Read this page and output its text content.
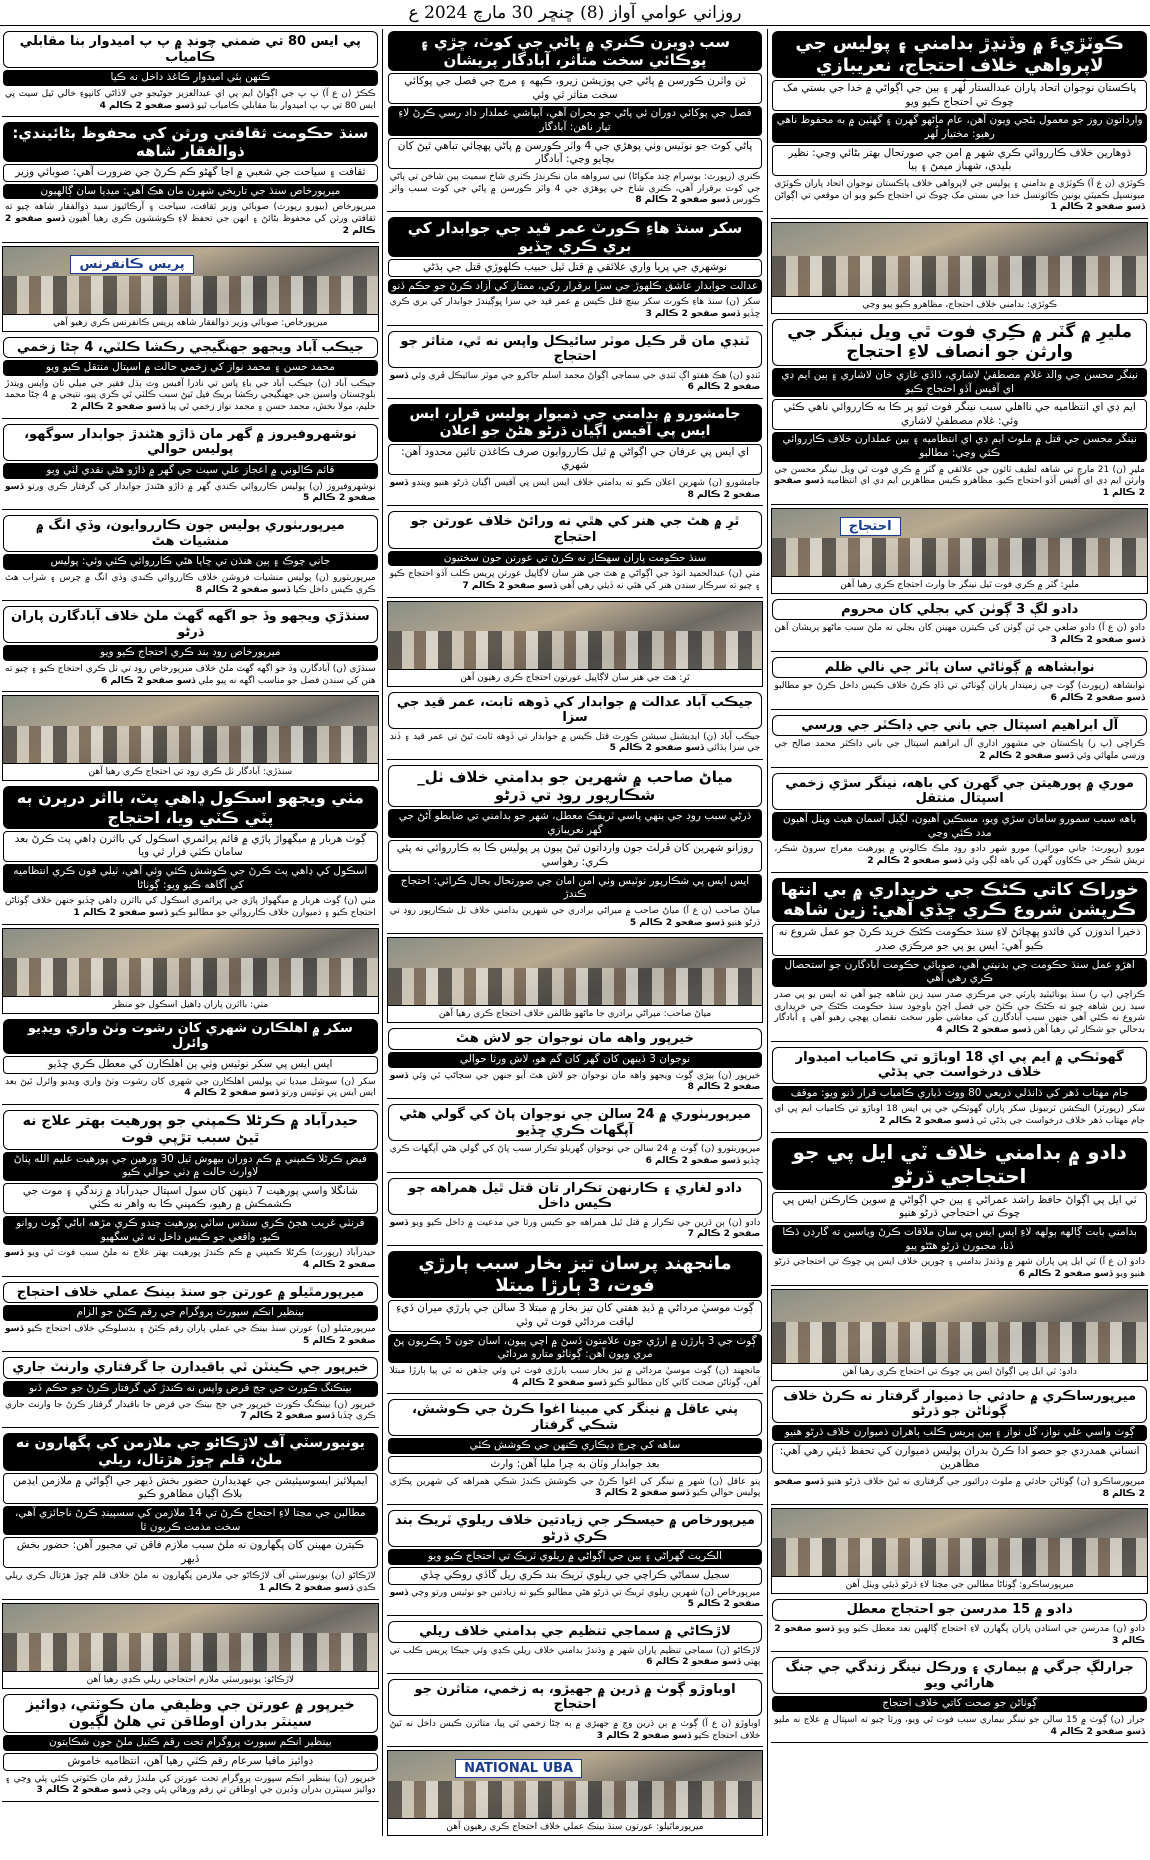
روزاني عوامي آواز (8) ڇنڇر 30 مارچ 2024 ع
ڪوٽڙيءَ ۾ وڏنڍڙ بدامني ۽ پوليس جي لاپرواهي خلاف احتجاج، نعريبازي
پاڪستان نوجوان اتحاد پاران عبدالستار لُهر ۽ ٻين جي اڳواڻي ۾ خدا جي بستي مک چوڪ تي احتجاج ڪيو ويو
وارداتون روز جو معمول بڻجي ويون آهن، عام ماڻهو گهرن ۽ گهٽين ۾ به محفوظ ناهي رهيو: مختيار لُهر
ڌوهارين خلاف ڪارروائي ڪري شهر ۾ امن جي صورتحال بهتر بڻائي وڃي: نظير بليدي، شهباز ميمڻ ۽ ٻيا
ڪوٽڙي (ن ع آ) ڪوٽڙي ۾ بدامني ۽ پوليس جي لاپرواهي خلاف پاڪستان نوجوان اتحاد پاران ڪوٽڙي ميونسپل ڪميٽي يونين ڪائونسل خدا جي بستي مک چوڪ تي احتجاج ڪيو ويو ان موقعي تي اڳواڻن ڏسو صفحو 2 ڪالم 1
ڪوٽڙي: بدامني خلاف احتجاج، مظاهرو ڪيو پيو وڃي
مليرِ ۾ گٽر ۾ ڪِري فوت ٿي ويل نينگر جي وارثن جو انصاف لاءِ احتجاج
نينگر محسن جي والد غلام مصطفيٰ لاشاري، ڏاڏي غازي خان لاشاري ۽ ٻين ايم ڊي اي آفيس آڏو احتجاج ڪيو
ايم ڊي اي انتظاميه جي نااهلي سبب نينگر فوت ٿيو پر ڪا به ڪارروائي ناهي ڪئي وئي: غلام مصطفيٰ لاشاري
نينگر محسن جي قتل ۾ ملوث ايم ڊي اي انتظاميه ۽ ٻين عملدارن خلاف ڪارروائي ڪئي وڃي: مطالبو
مليرِ (ن) 21 مارچ تي شاهه لطيف ٽائون جي علائقي ۾ گٽر ۾ ڪري فوت ٿي ويل نينگر محسن جي وارثن ايم ڊي اي آفيس آڏو احتجاج ڪيو. مظاهرو ڪيس مظاهرين ايم ڊي اي انتظاميه ڏسو صفحو 2 ڪالم 1
احتجاج
مليرِ: گٽر ۾ ڪري فوت ٿيل نينگر جا وارث احتجاج ڪري رهيا آهن
دادو لڳ 3 ڳوٺن کي بجلي کان محروم
دادو (ن ع آ) دادو ضلعي جي ٽن ڳوٺن کي ڪيترن مهينن کان بجلي نه ملڻ سبب ماڻهو پريشان آهن ڏسو صفحو 2 ڪالم 3
نوابشاهه ۾ ڳوٺاڻي سان ٻاٽر جي نالي ظلم
نوابشاهه (رپورٽ) ڳوٺ جي زميندار پاران ڳوٺاڻي تي ڏاڍ ڪرڻ خلاف ڪيس داخل ڪرڻ جو مطالبو ڏسو صفحو 2 ڪالم 6
آل ابراهيم اسپتال جي باني جي ڊاڪٽر جي ورسي
ڪراچي (پ ر) پاڪستان جي مشهور اداري آل ابراهيم اسپتال جي باني ڊاڪٽر محمد صالح جي ورسي ملهائي وئي ڏسو صفحو 2 ڪالم 2
موري ۾ پورهيتن جي گهرن کي باهه، نينگر سڙي زخمي اسپتال منتقل
باهه سبب سمورو سامان سڙي ويو، مسڪين آهيون، لڳيل آسمان هيٺ ويٺل آهيون مدد ڪئي وڃي
مورو (رپورٽ: جاني مورائي) مورو شهر دادو روڊ ملڪ ڪالوني ۾ پورهيت معراج سروڻ شڪر، نريش شڪر جي ڪکاون گهرن کي باهه لڳي وئي ڏسو صفحو 2 ڪالم 2
خوراڪ کاتي ڪڻڪ جي خريداري ۾ بي انتها ڪرپشن شروع ڪري ڇڏي آهي: زين شاهه
ذخيرا اندوزن کي فائدو پهچائڻ لاءِ سنڌ حڪومت ڪڻڪ خريد ڪرڻ جو عمل شروع نه ڪيو آهي: ايس يو پي جو مرڪزي صدر
اهڙو عمل سنڌ حڪومت جي بدنيتي آهي، صوبائي حڪومت آبادگارن جو استحصال ڪري رهي آهي
ڪراچي (پ ر) سنڌ يونائيٽيڊ پارٽي جي مرڪزي صدر سيد زين شاهه چيو آهي ته ايس يو پي صدر سيد زين شاهه چيو ته ڪڻڪ جي ڪٽڻ جي فصل اچڻ باوجود سنڌ حڪومت ڪڻڪ جي خريداري شروع نه ڪئي آهي جنهن سبب آبادگارن کي معاشي طور سخت نقصان پهچي رهيو آهي ۽ آبادگار بدحالي جو شڪار ٿي رهيا آهن ڏسو صفحو 2 ڪالم 4
گهوٽڪي ۾ ايم پي اي 18 اوباڙو تي ڪامياب اميدوار خلاف درخواست جي ٻڌڻي
جام مهتاب ڏهر کي ڌانڌلي ذريعي 80 ووٽ ڏياري ڪامياب قرار ڏنو ويو: موقف
سکر (رپورٽر) اليڪشن ٽربيونل سکر پاران گهوٽڪي جي پي ايس 18 اوباڙو تي ڪامياب ايم پي اي جام مهتاب ڏهر خلاف درخواست جي ٻڌڻي ٿي ڏسو صفحو 2 ڪالم 2
دادو ۾ بدامني خلاف ٽي ايل پي جو احتجاجي ڌرڻو
ٽي ايل پي اڳواڻ حافظ راشد عمراڻي ۽ ٻين جي اڳواڻي ۾ سوين ڪارڪنن ايس پي چوڪ تي احتجاجي ڌرڻو هنيو
بدامني بابت ڳالهه ٻولهه لاءِ ايس ايس پي سان ملاقات ڪرڻ وياسين ته گارڊن ڌڪا ڏنا، مجبورن ڌرڻو هڻڻو پيو
دادو (ن ع آ) ٽي ايل پي پاران شهر ۾ وڌندڙ بدامني ۽ چورين خلاف ايس پي چوڪ تي احتجاجي ڌرڻو هنيو ويو ڏسو صفحو 2 ڪالم 6
دادو: ٽي ايل پي اڳواڻ ايس پي چوڪ تي احتجاج ڪري رهيا آهن
ميرپورساڪري ۾ حادثي جا ذميوار گرفتار نه ڪرڻ خلاف ڳوٺاڻن جو ڌرڻو
ڳوٺ واسي علي نواز، گل نواز ۽ ٻين پريس ڪلب ٻاهران ذميوارن خلاف ڌرڻو هنيو
انساني همدردي جو حصو ادا ڪرڻ بدران پوليس ذميوارن کي تحفظ ڏيئي رهي آهي: مظاهرين
ميرپورساڪرو (ن) ڳوٺاڻن حادثي ۾ ملوث ڊرائيور جي گرفتاري نه ٿيڻ خلاف ڌرڻو هنيو ڏسو صفحو 2 ڪالم 8
ميرپورساڪرو: ڳوٺاڻا مطالبن جي مڃتا لاءِ ڌرڻو ڏيئي ويٺل آهن
دادو ۾ 15 مدرسن جو احتجاج معطل
دادو (ن) مدرسن جي استادن پاران پگهارن لاءِ احتجاج ڳالهين بعد معطل ڪيو ويو ڏسو صفحو 2 ڪالم 3
جرارلڳ جرگي ۾ بيماري ۽ ورڪل نينگر زندگي جي جنگ هارائي ويو
ڳوٺاڻن جو صحت کاتي خلاف احتجاج
جرار (ن) ڳوٺ ۾ 15 سالن جو نينگر بيماري سبب فوت ٿي ويو، ورثا چيو ته اسپتال ۾ علاج نه مليو ڏسو صفحو 2 ڪالم 4
سب ڊويزن ڪنري ۾ پاڻي جي کوٽ، ڇڙي ۽ پوڪائي سخت متاثر، آبادگار پريشان
ٽن واٽرن ڪورسن ۾ پاڻي جي پوزيشن زيرو، ڪپهه ۽ مرچ جي فصل جي پوکائي سخت متاثر ٿي وئي
فصل جي پوکائي دوران ئي پاڻي جو بحران آهي، آبپاشي عملدار داد رسي ڪرڻ لاءِ تيار ناهن: آبادگار
پاڻي کوٽ جو نوٽيس وٺي پوهڙي جي 4 واٽر ڪورسن ۾ پاڻي پهچائي تباهي ٿيڻ کان بچايو وڃي: آبادگار
ڪنري (رپورٽ: بوسرام چند مکواڻا) نبي سرواهه مان نڪرندڙ ڪنري شاخ سميت ٻين شاخن تي پاڻي جي کوٽ برقرار آهي، ڪنري شاخ جي پوهڙي جي 4 واٽر ڪورسن ۾ پاڻي جي کوٽ سبب واٽر ڪورس ڏسو صفحو 2 ڪالم 8
سکر سنڌ هاءِ ڪورٽ عمر قيد جي جوابدار کي بري ڪري ڇڏيو
نوشهري جي پريا واري علائقي ۾ قتل ٿيل حبيب ڪلهوڙي قتل جي ٻڌڻي
عدالت جوابدار عاشق ڪلهوڙ جي سزا برقرار رکي، ممتاز کي آزاد ڪرڻ جو حڪم ڏنو
سکر (ن) سنڌ هاءِ ڪورٽ سکر بينچ قتل ڪيس ۾ عمر قيد جي سزا ڀوڳيندڙ جوابدار کي بري ڪري ڇڏيو ڏسو صفحو 2 ڪالم 3
ٽنڊي مان ڦر ڪيل موٽر سائيڪل واپس نه ٿي، متاثر جو احتجاج
ٽنڊو (ن) هڪ هفتو اڳ ٽنڊي جي سماجي اڳواڻ محمد اسلم جاکرو جي موٽر سائيڪل ڦري وئي ڏسو صفحو 2 ڪالم 6
جامشورو ۾ بدامني جي ذميوار پوليس قرار، ايس ايس پي آفيس اڳيان ڌرڻو هڻڻ جو اعلان
اي ايس پي عرفان جي اڳواڻي ۾ ٿيل ڪارروايون صرف ڪاغذن تائين محدود آهن: شهري
جامشورو (ن) شهرين اعلان ڪيو ته بدامني خلاف ايس ايس پي آفيس اڳيان ڌرڻو هنيو ويندو ڏسو صفحو 2 ڪالم 8
ٿرِ ۾ هٿ جي هنر کي هٿي نه ورائڻ خلاف عورتن جو احتجاج
سنڌ حڪومت پاران سهڪار نه ڪرڻ تي عورتن جون سختيون
مٺي (ن) عبدالحميد اٺوڌ جي اڳواڻي ۾ هٿ جي هنر سان لاڳاپيل عورتن پريس ڪلب آڏو احتجاج ڪيو ۽ چيو ته سرڪار سندن هنر کي هٿي نه ڏيئي رهي آهي ڏسو صفحو 2 ڪالم 7
ٿرِ: هٿ جي هنر سان لاڳاپيل عورتون احتجاج ڪري رهيون آهن
جيڪب آباد عدالت ۾ جوابدار کي ڏوهه ثابت، عمر قيد جي سزا
جيڪب آباد (ن) ايڊيشنل سيشن ڪورٽ قتل ڪيس ۾ جوابدار تي ڏوهه ثابت ٿيڻ تي عمر قيد ۽ ڏنڊ جي سزا ٻڌائي ڏسو صفحو 2 ڪالم 5
مياڻ صاحب ۾ شهرين جو بدامني خلاف ٺل_ شڪارپور روڊ تي ڌرڻو
ڌرڻي سبب روڊ جي ٻنهي پاسي ٽريفڪ معطل، شهر جو بدامني تي ضابطو آڻڻ جي گهر نعريبازي
روزانو شهرين کان ڦرلٽ جون وارداتون ٿيڻ پيون پر پوليس ڪا به ڪارروائي نه پئي ڪري: رهواسي
ايس ايس پي شڪارپور نوٽيس وٺي امن امان جي صورتحال بحال ڪرائي: احتجاج ڪندڙ
مياڻ صاحب (ن ع آ) مياڻ صاحب ۾ ميراڻي برادري جي شهرين بدامني خلاف ٺل شڪارپور روڊ تي ڌرڻو هنيو ڏسو صفحو 2 ڪالم 5
مياڻ صاحب: ميراڻي برادري جا ماڻهو ظالمن خلاف احتجاج ڪري رهيا آهن
خيرپور واهه مان نوجوان جو لاش هٿ
نوجوان 3 ڏينهن کان گهر کان گم هو، لاش ورثا حوالي
خيرپور (ن) ٻيڙي ڳوٺ ويجهو واهه مان نوجوان جو لاش هٿ آيو جنهن جي سڃاڻپ ٿي وئي ڏسو صفحو 2 ڪالم 8
ميرپوربٺوري ۾ 24 سالن جي نوجوان پاڻ کي گولي هڻي آپگهات ڪري ڇڏيو
ميرپوربٺورو (ن) ڳوٺ ۾ 24 سالن جي نوجوان گهريلو تڪرار سبب پاڻ کي گولي هڻي آپگهات ڪري ڇڏيو ڏسو صفحو 2 ڪالم 6
دادو لغاري ۽ ڪارنهن تڪرار تان قتل ٿيل همراهه جو ڪيس داخل
دادو (ن) ٻن ڌرين جي تڪرار ۾ قتل ٿيل همراهه جو ڪيس ورثا جي مدعيت ۾ داخل ڪيو ويو ڏسو صفحو 2 ڪالم 7
مانجهند پرسان تيز بخار سبب ٻارڙي فوت، 3 ٻارڙا مبتلا
ڳوٺ موسيٰ مرداڻي ۾ ڏيڍ هفتي کان تيز بخار ۾ مبتلا 3 سالن جي ٻارڙي ميران ڏيءِ لياقت مرداڻي فوت ٿي وئي
ڳوٺ جي 3 ٻارڙن ۾ ارڙي جون علامتون ڏسڻ ۾ اچي پيون، اسان جون 5 ٻڪريون پڻ مري ويون آهن: ڳوٺاڻو متارو مرداڻي
مانجهند (ن) ڳوٺ موسيٰ مرداڻي ۾ تيز بخار سبب ٻارڙي فوت ٿي وئي جڏهن ته ٽي ٻيا ٻارڙا مبتلا آهن، ڳوٺاڻن صحت کاتي کان مطالبو ڪيو ڏسو صفحو 2 ڪالم 4
پني عاقل ۾ نينگر کي مبينا اغوا ڪرڻ جي ڪوشش، شڪي گرفتار
ساهه کي چرچ ڊيڪاري ڪنهن جي ڪوشش ڪئي
بعد جوابدار وٽان به چرا مليا آهن: وارث
پنو عاقل (ن) شهر ۾ نينگر کي اغوا ڪرڻ جي ڪوشش ڪندڙ شڪي همراهه کي شهرين پڪڙي پوليس حوالي ڪيو ڏسو صفحو 2 ڪالم 3
ميرپورخاص ۾ حيسڪر جي زيادتين خلاف ريلوي ٽريڪ بند ڪري ڌرڻو
الڪريت گهراڻي ۽ ٻين جي اڳواڻي ۾ ريلوي ٽريڪ تي احتجاج ڪيو ويو
سجيل سماڻي ڪراچي جي ريلوي ٽريڪ بند ڪري ريل گاڏي روڪي ڇڏي
ميرپورخاص (ن) شهرين ريلوي ٽريڪ تي ڌرڻو هڻي مطالبو ڪيو ته زيادتين جو نوٽيس ورتو وڃي ڏسو صفحو 2 ڪالم 5
لاڙڪاڻي ۾ سماجي تنظيم جي بدامني خلاف ريلي
لاڙڪاڻو (ن) سماجي تنظيم پاران شهر ۾ وڌندڙ بدامني خلاف ريلي ڪڍي وئي جيڪا پريس ڪلب تي پهتي ڏسو صفحو 2 ڪالم 6
اوباوڙو ڳوٺ ۾ ڌرين ۾ جهيڙو، ٻه زخمي، متاثرن جو احتجاج
اوباوڙو (ن ع آ) ڳوٺ ۾ ٻن ڌرين وچ ۾ جهيڙي ۾ ٻه ڄڻا زخمي ٿي پيا، متاثرن ڪيس داخل نه ٿيڻ خلاف احتجاج ڪيو ڏسو صفحو 2 ڪالم 3
NATIONAL UBA
ميرپورماٿيلو: عورتون سنڌ بينڪ عملي خلاف احتجاج ڪري رهيون آهن
پي ايس 80 تي ضمني چونڊ ۾ پ پ اميدوار بنا مقابلي ڪامياب
ڪنهن ٻئي اميدوار ڪاغذ داخل نه ڪيا
ڪڪڙ (ن ع آ) پ پ جي اڳواڻ ايم پي اي عبدالعزيز جوڻيجو جي لاڏاڻي کانپوءِ خالي ٿيل سيٽ پي ايس 80 تي پ پ اميدوار بنا مقابلي ڪامياب ٿيو ڏسو صفحو 2 ڪالم 4
سنڌ حڪومت ثقافتي ورثن کي محفوظ بڻائيندي: ذوالفقار شاهه
ثقافت ۽ سياحت جي شعبي ۾ اڃا گهڻو ڪم ڪرڻ جي ضرورت آهي: صوبائي وزير
ميرپورخاص سنڌ جي تاريخي شهرن مان هڪ آهي: ميڊيا سان ڳالهيون
ميرپورخاص (بيورو رپورٽ) صوبائي وزير ثقافت، سياحت ۽ آرڪائيوز سيد ذوالفقار شاهه چيو ته ثقافتي ورثن کي محفوظ بڻائڻ ۽ انهن جي تحفظ لاءِ ڪوششون ڪري رهيا آهيون ڏسو صفحو 2 ڪالم 2
پريس ڪانفرنس
ميرپورخاص: صوبائي وزير ذوالفقار شاهه پريس ڪانفرنس ڪري رهيو آهي
جيڪب آباد ويجهو جهنگيجي رڪشا ڪلٽي، 4 ڄڻا زخمي
محمد حسن ۽ محمد نواز کي زخمي حالت ۾ اسپتال منتقل ڪيو ويو
جيڪب آباد (ن) جيڪب آباد جي باءِ پاس تي نادرا آفيس وٽ ٻڌل فقير جي ميلي تان واپس ويندڙ بلوچستان واسين جي جهنگيجي رڪشا بريڪ فيل ٿيڻ سبب ڪلٽي ٿي ڪري پيو، نتيجي ۾ 4 ڄڻا محمد حليم، مولا بخش، محمد حسن ۽ محمد نواز زخمي ٿي پيا ڏسو صفحو 2 ڪالم 2
نوشهروفيروز ۾ گهر مان ڌاڙو هڻندڙ جوابدار سوگهو، پوليس حوالي
قائم ڪالوني ۾ اعجاز علي سيٺ جي گهر ۾ ڌاڙو هڻي نقدي لٽي ويو
نوشهروفيروز (ن) پوليس ڪارروائي ڪندي گهر ۾ ڌاڙو هڻندڙ جوابدار کي گرفتار ڪري ورتو ڏسو صفحو 2 ڪالم 5
ميرپوربٺوري پوليس جون ڪارروايون، وڏي انگ ۾ منشيات هٿ
جاني چوڪ ۽ ٻين هنڌن تي ڇاپا هڻي ڪارروائي ڪئي وئي: پوليس
ميرپوربٺورو (ن) پوليس منشيات فروشن خلاف ڪارروائي ڪندي وڏي انگ ۾ چرس ۽ شراب هٿ ڪري ڪيس داخل ڪيا ڏسو صفحو 2 ڪالم 8
سنڌڙي ويجهو وڏ جو اگهه گهٽ ملڻ خلاف آبادگارن پاران ڌرڻو
ميرپورخاص روڊ بند ڪري احتجاج ڪيو ويو
سنڌڙي (ن) آبادگارن وڏ جو اگهه گهٽ ملڻ خلاف ميرپورخاص روڊ تي ٺل ڪري احتجاج ڪيو ۽ چيو ته هنن کي سندن فصل جو مناسب اگهه نه پيو ملي ڏسو صفحو 2 ڪالم 6
سنڌڙي: آبادگار ٺل ڪري روڊ تي احتجاج ڪري رهيا آهن
مٺي ويجهو اسڪول ڍاهي پٽ، بااثر درٻرن ٻه پٽي ڪٽي ويا، احتجاج
ڳوٺ هربار ۾ ميگهواڙ پاڙي ۾ قائم پرائمري اسڪول کي بااثرن ڍاهي پٽ ڪرڻ بعد سامان ڪٽي فرار ٿي ويا
اسڪول کي ڍاهي پٽ ڪرڻ جي ڪوشش ڪئي وئي آهي، ٽيلي فون ڪري انتظاميه کي آگاهه ڪيو ويو: ڳوٺاڻا
مٺي (ن) ڳوٺ هربار ۾ ميگهواڙ پاڙي جي پرائمري اسڪول کي بااثرن ڍاهي ڇڏيو جنهن خلاف ڳوٺاڻن احتجاج ڪيو ۽ ذميوارن خلاف ڪارروائي جو مطالبو ڪيو ڏسو صفحو 2 ڪالم 1
مٺي: بااثرن پاران ڍاهيل اسڪول جو منظر
سکر ۾ اهلڪارن شهري کان رشوت وٺڻ واري ويڊيو وائرل
ايس ايس پي سکر نوٽيس وٺي ٻن اهلڪارن کي معطل ڪري ڇڏيو
سکر (ن) سوشل ميڊيا تي پوليس اهلڪارن جي شهري کان رشوت وٺڻ واري ويڊيو وائرل ٿيڻ بعد ايس ايس پي نوٽيس ورتو ڏسو صفحو 2 ڪالم 4
حيدرآباد ۾ ڪرڻلا ڪمپني جو پورهيت بهتر علاج نه ٿيڻ سبب تڙپي فوت
فيض ڪرڻلا ڪمپني ۾ ڪم دوران بيهوش ٿيل 30 ورهين جي پورهيت عليم الله پٺاڻ لاوارث حالت ۾ ڊٺي حوالي ڪيو
شانگلا واسي پورهيت 7 ڏينهن کان سول اسپتال حيدرآباد ۾ زندگي ۽ موت جي ڪشمڪش ۾ رهيو، ڪمپني ڪا به واهر نه ڪئي
فرنٽي غريب هجڻ ڪري سنڌس سائي پورهيت چندو ڪري مڙهه اباڻي ڳوٺ روانو ڪيو، واقعي جو ڪيس داخل نه ٿي سگهيو
حيدرآباد (رپورٽ) ڪرڻلا ڪمپني ۾ ڪم ڪندڙ پورهيت بهتر علاج نه ملڻ سبب فوت ٿي ويو ڏسو صفحو 2 ڪالم 4
ميرپورمٿيلو ۾ عورتن جو سنڌ بينڪ عملي خلاف احتجاج
بينظير انڪم سپورٽ پروگرام جي رقم ڪٽڻ جو الزام
ميرپورمٿيلو (ن) عورتن سنڌ بينڪ جي عملي پاران رقم ڪٽڻ ۽ بدسلوڪي خلاف احتجاج ڪيو ڏسو صفحو 2 ڪالم 5
خيرپور جي ڪينٽن ٽي باقيدارن جا گرفتاري وارنٽ جاري
بينڪنگ ڪورٽ جي جج قرض واپس نه ڪندڙ کي گرفتار ڪرڻ جو حڪم ڏنو
خيرپور (ن) بينڪنگ ڪورٽ خيرپور جي جج بينڪ جي قرض جا باقيدار گرفتار ڪرڻ جا وارنٽ جاري ڪري ڇڏيا ڏسو صفحو 2 ڪالم 7
يونيورسٽي آف لاڙڪاڻو جي ملازمن کي پگهارون نه ملڻ، قلم ڇوڙ هڙتال، ريلي
ايمپلائيز ايسوسيئيشن جي عهديدارن حضور بخش ڏيهر جي اڳواڻي ۾ ملازمن ايڊمن بلاڪ اڳيان مظاهرو ڪيو
مطالبن جي مڃتا لاءِ احتجاج ڪرڻ تي 14 ملازمن کي سسپينڊ ڪرڻ ناجائزي آهي، سخت مذمت ڪريون ٿا
ڪيترن مهينن کان پگهارون نه ملڻ سبب ملازم فاقن تي مجبور آهن: حضور بخش ڏيهر
لاڙڪاڻو (ن) يونيورسٽي آف لاڙڪاڻو جي ملازمن پگهارون نه ملڻ خلاف قلم ڇوڙ هڙتال ڪري ريلي ڪڍي ڏسو صفحو 2 ڪالم 1
لاڙڪاڻو: يونيورسٽي ملازم احتجاجي ريلي ڪڍي رهيا آهن
خيرپور ۾ عورتن جي وظيفي مان ڪوٽتي، ڊوائيز سينٽر بدران اوطاقن تي هلڻ لڳيون
بينظير انڪم سپورٽ پروگرام تحت رقم ڪٽيل ملڻ جون شڪايتون
ڊوائيز مافيا سرعام رقم ڪٽي رهيا آهن، انتظاميه خاموش
خيرپور (ن) بينظير انڪم سپورٽ پروگرام تحت عورتن کي ملندڙ رقم مان ڪٽوتي ڪئي پئي وڃي ۽ ڊوائيز سينٽرن بدران وڏيرن جي اوطاقن تي رقم ورهائي پئي وڃي ڏسو صفحو 2 ڪالم 3
